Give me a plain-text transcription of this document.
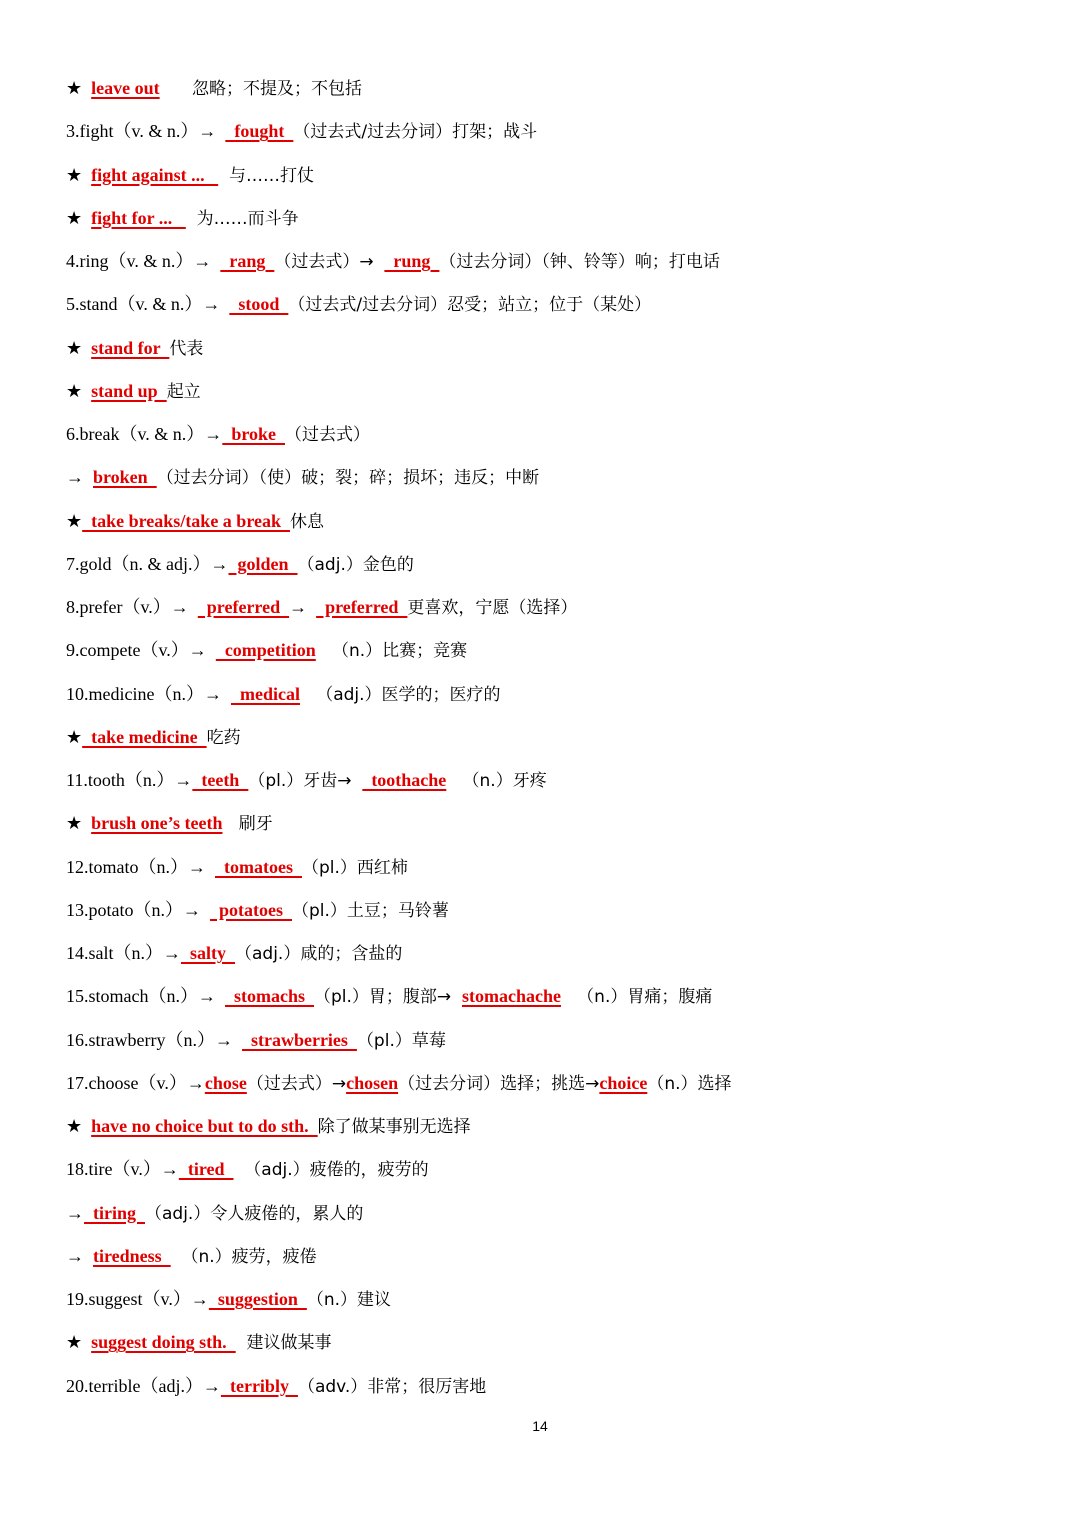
14
★ leave out      忽略；不提及；不包括
3.fight（v. & n.）→    fought  （过去式/过去分词）打架；战斗
★ fight against ...     与……打仗
★ fight for ...     为……而斗争
4.ring（v. & n.）→    rang  （过去式）→    rung  （过去分词）（钟、铃等）响；打电话
5.stand（v. & n.）→    stood  （过去式/过去分词）忍受；站立；位于（某处）
★ stand for  代表
★ stand up  起立
6.break（v. & n.）→  broke  （过去式）
→  broken  （过去分词）（使）破；裂；碎；损坏；违反；中断
★  take breaks/take a break  休息
7.gold（n. & adj.）→  golden  （adj.）金色的
8.prefer（v.）→    preferred  →    preferred  更喜欢，宁愿（选择）
9.compete（v.）→    competition   （n.）比赛；竞赛
10.medicine（n.）→    medical   （adj.）医学的；医疗的
★  take medicine  吃药
11.tooth（n.）→  teeth  （pl.）牙齿→    toothache   （n.）牙疼
★ brush one’s teeth   刷牙
12.tomato（n.）→    tomatoes  （pl.）西红柿
13.potato（n.）→    potatoes  （pl.）土豆；马铃薯
14.salt（n.）→  salty  （adj.）咸的；含盐的
15.stomach（n.）→    stomachs  （pl.）胃；腹部→  stomachache   （n.）胃痛；腹痛
16.strawberry（n.）→    strawberries  （pl.）草莓
17.choose（v.）→chose（过去式）→chosen（过去分词）选择；挑选→choice（n.）选择
★ have no choice but to do sth.  除了做某事别无选择
18.tire（v.）→  tired    （adj.）疲倦的，疲劳的
→  tiring  （adj.）令人疲倦的，累人的
→  tiredness    （n.）疲劳，疲倦
19.suggest（v.）→  suggestion  （n.）建议
★ suggest doing sth.    建议做某事
20.terrible（adj.）→  terribly  （adv.）非常；很厉害地
